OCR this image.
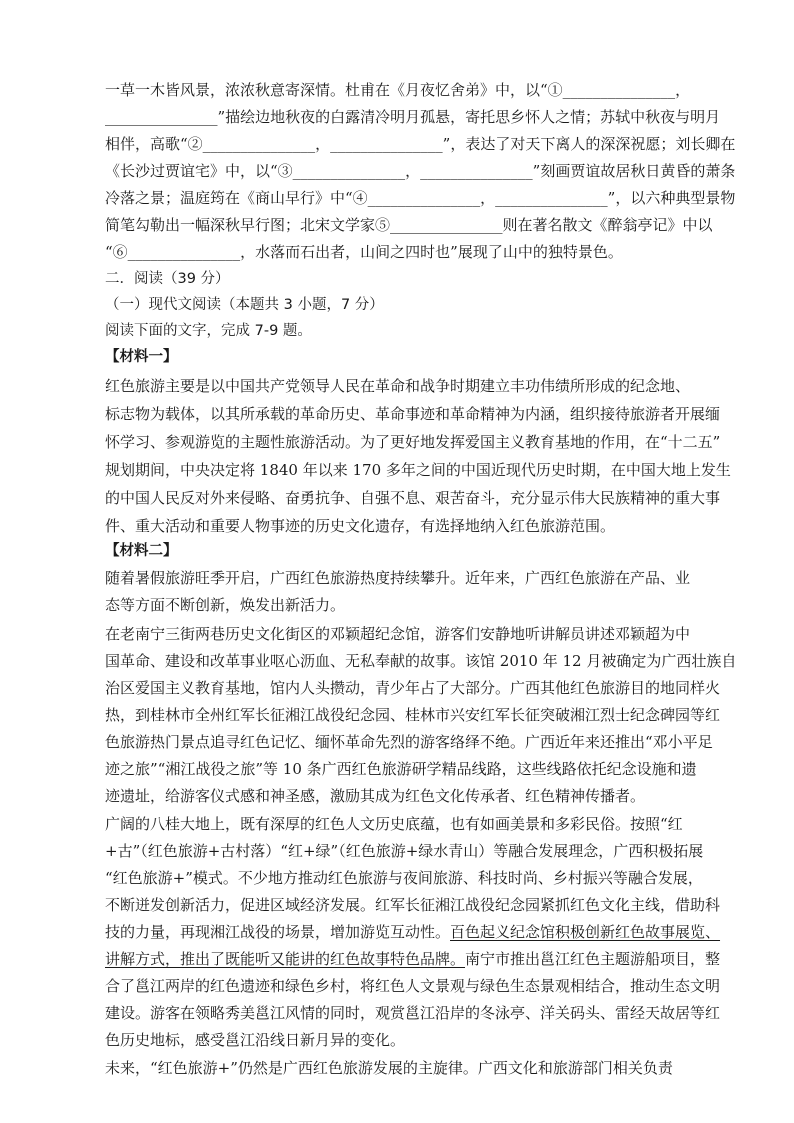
一草一木皆风景，浓浓秋意寄深情。杜甫在《月夜忆舍弟》中，以“①_______________，
_______________”描绘边地秋夜的白露清冷明月孤悬，寄托思乡怀人之情；苏轼中秋夜与明月
相伴，高歌“②_______________，_______________”，表达了对天下离人的深深祝愿；刘长卿在
《长沙过贾谊宅》中，以“③_______________，_______________”刻画贾谊故居秋日黄昏的萧条
冷落之景；温庭筠在《商山早行》中“④_______________，_______________”，以六种典型景物
简笔勾勒出一幅深秋早行图；北宋文学家⑤_______________则在著名散文《醉翁亭记》中以
“⑥_______________，水落而石出者，山间之四时也”展现了山中的独特景色。
二．阅读（39 分）
（一）现代文阅读（本题共 3 小题，7 分）
阅读下面的文字，完成 7-9 题。
【材料一】
红色旅游主要是以中国共产党领导人民在革命和战争时期建立丰功伟绩所形成的纪念地、
标志物为载体，以其所承载的革命历史、革命事迹和革命精神为内涵，组织接待旅游者开展缅
怀学习、参观游览的主题性旅游活动。为了更好地发挥爱国主义教育基地的作用，在“十二五”
规划期间，中央决定将 1840 年以来 170 多年之间的中国近现代历史时期，在中国大地上发生
的中国人民反对外来侵略、奋勇抗争、自强不息、艰苦奋斗，充分显示伟大民族精神的重大事
件、重大活动和重要人物事迹的历史文化遗存，有选择地纳入红色旅游范围。
【材料二】
随着暑假旅游旺季开启，广西红色旅游热度持续攀升。近年来，广西红色旅游在产品、业
态等方面不断创新，焕发出新活力。
在老南宁三街两巷历史文化街区的邓颖超纪念馆，游客们安静地听讲解员讲述邓颖超为中
国革命、建设和改革事业呕心沥血、无私奉献的故事。该馆 2010 年 12 月被确定为广西壮族自
治区爱国主义教育基地，馆内人头攒动，青少年占了大部分。广西其他红色旅游目的地同样火
热，到桂林市全州红军长征湘江战役纪念园、桂林市兴安红军长征突破湘江烈士纪念碑园等红
色旅游热门景点追寻红色记忆、缅怀革命先烈的游客络绎不绝。广西近年来还推出“邓小平足
迹之旅”“湘江战役之旅”等 10 条广西红色旅游研学精品线路，这些线路依托纪念设施和遗
迹遗址，给游客仪式感和神圣感，激励其成为红色文化传承者、红色精神传播者。
广阔的八桂大地上，既有深厚的红色人文历史底蕴，也有如画美景和多彩民俗。按照“红
+古”（红色旅游+古村落）“红+绿”（红色旅游+绿水青山）等融合发展理念，广西积极拓展
“红色旅游+”模式。不少地方推动红色旅游与夜间旅游、科技时尚、乡村振兴等融合发展，
不断迸发创新活力，促进区域经济发展。红军长征湘江战役纪念园紧抓红色文化主线，借助科
技的力量，再现湘江战役的场景，增加游览互动性。百色起义纪念馆积极创新红色故事展览、
讲解方式，推出了既能听又能讲的红色故事特色品牌。南宁市推出邕江红色主题游船项目，整
合了邕江两岸的红色遗迹和绿色乡村，将红色人文景观与绿色生态景观相结合，推动生态文明
建设。游客在领略秀美邕江风情的同时，观赏邕江沿岸的冬泳亭、洋关码头、雷经天故居等红
色历史地标，感受邕江沿线日新月异的变化。
未来，“红色旅游+”仍然是广西红色旅游发展的主旋律。广西文化和旅游部门相关负责
